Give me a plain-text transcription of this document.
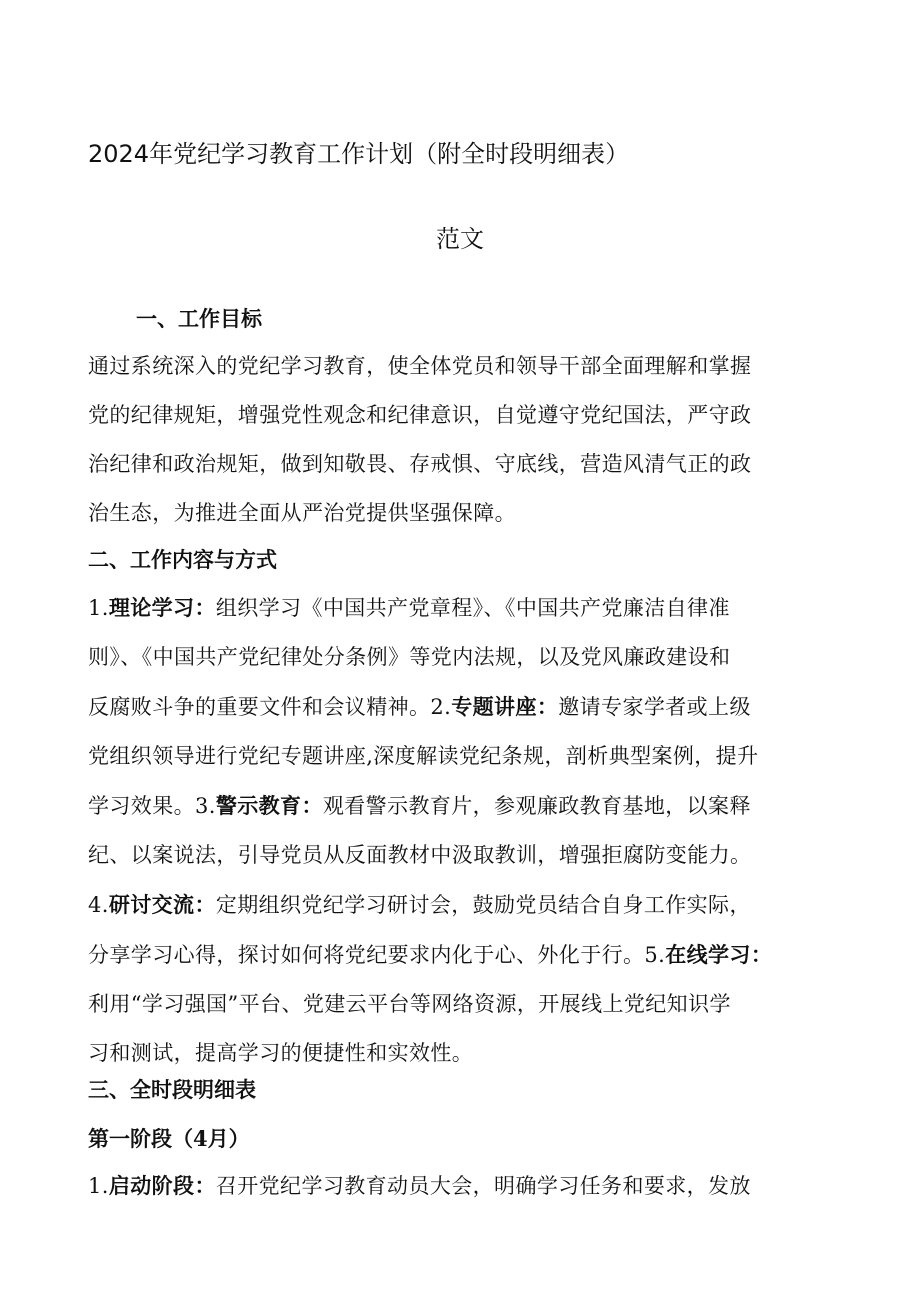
2024年党纪学习教育工作计划（附全时段明细表）
范文
一、工作目标
通过系统深入的党纪学习教育，使全体党员和领导干部全面理解和掌握
党的纪律规矩，增强党性观念和纪律意识，自觉遵守党纪国法，严守政
治纪律和政治规矩，做到知敬畏、存戒惧、守底线，营造风清气正的政
治生态，为推进全面从严治党提供坚强保障。
二、工作内容与方式
1.理论学习：组织学习《中国共产党章程》、《中国共产党廉洁自律准
则》、《中国共产党纪律处分条例》等党内法规，以及党风廉政建设和
反腐败斗争的重要文件和会议精神。2.专题讲座：邀请专家学者或上级
党组织领导进行党纪专题讲座,深度解读党纪条规，剖析典型案例，提升
学习效果。3.警示教育：观看警示教育片，参观廉政教育基地，以案释
纪、以案说法，引导党员从反面教材中汲取教训，增强拒腐防变能力。
4.研讨交流：定期组织党纪学习研讨会，鼓励党员结合自身工作实际，
分享学习心得，探讨如何将党纪要求内化于心、外化于行。5.在线学习：
利用“学习强国”平台、党建云平台等网络资源，开展线上党纪知识学
习和测试，提高学习的便捷性和实效性。
三、全时段明细表
第一阶段（4月）
1.启动阶段：召开党纪学习教育动员大会，明确学习任务和要求，发放
